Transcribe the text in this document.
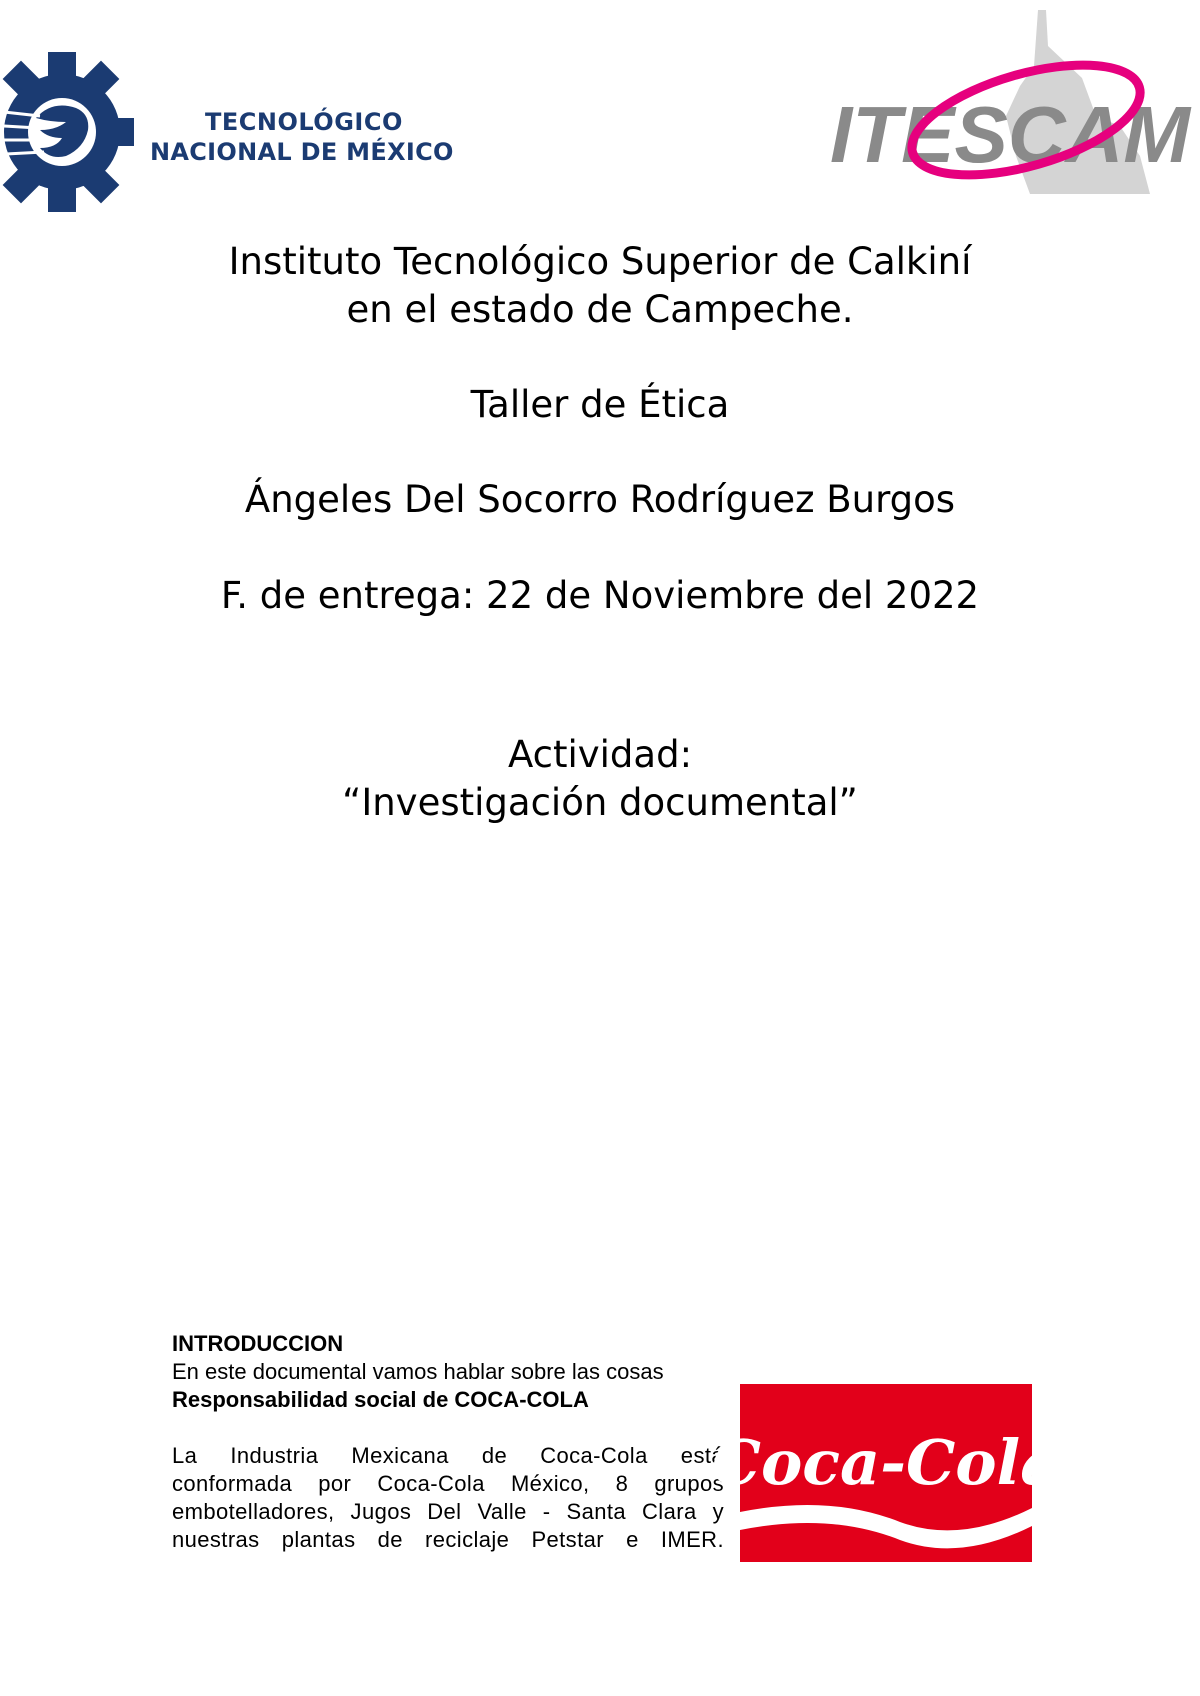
TECNOLÓGICO
NACIONAL DE MÉXICO	ITESCAM
Instituto Tecnológico Superior de Calkiní
en el estado de Campeche.
Taller de Ética
Ángeles Del Socorro Rodríguez Burgos
F. de entrega: 22 de Noviembre del 2022
Actividad:
“Investigación documental”
INTRODUCCION
En este documental vamos hablar sobre las cosas
Responsabilidad social de COCA-COLA
La Industria Mexicana de Coca-Cola está
conformada por Coca-Cola México, 8 grupos
embotelladores, Jugos Del Valle - Santa Clara y
nuestras plantas de reciclaje Petstar e IMER.
Coca-Cola
